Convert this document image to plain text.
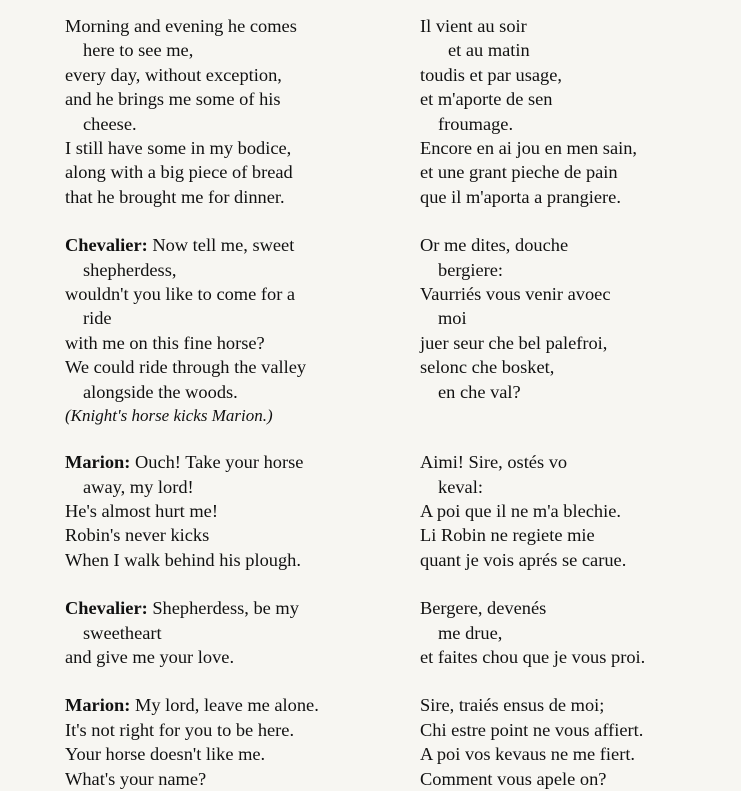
Morning and evening he comes
here to see me,
every day, without exception,
and he brings me some of his
cheese.
I still have some in my bodice,
along with a big piece of bread
that he brought me for dinner.
Chevalier: Now tell me, sweet
shepherdess,
wouldn't you like to come for a
ride
with me on this fine horse?
We could ride through the valley
alongside the woods.
(Knight's horse kicks Marion.)
Marion: Ouch! Take your horse
away, my lord!
He's almost hurt me!
Robin's never kicks
When I walk behind his plough.
Chevalier: Shepherdess, be my
sweetheart
and give me your love.
Marion: My lord, leave me alone.
It's not right for you to be here.
Your horse doesn't like me.
What's your name?
Il vient au soir
et au matin
toudis et par usage,
et m'aporte de sen
froumage.
Encore en ai jou en men sain,
et une grant pieche de pain
que il m'aporta a prangiere.
Or me dites, douche
bergiere:
Vaurriés vous venir avoec
moi
juer seur che bel palefroi,
selonc che bosket,
en che val?
Aimi! Sire, ostés vo
keval:
A poi que il ne m'a blechie.
Li Robin ne regiete mie
quant je vois aprés se carue.
Bergere, devenés
me drue,
et faites chou que je vous proi.
Sire, traiés ensus de moi;
Chi estre point ne vous affiert.
A poi vos kevaus ne me fiert.
Comment vous apele on?
